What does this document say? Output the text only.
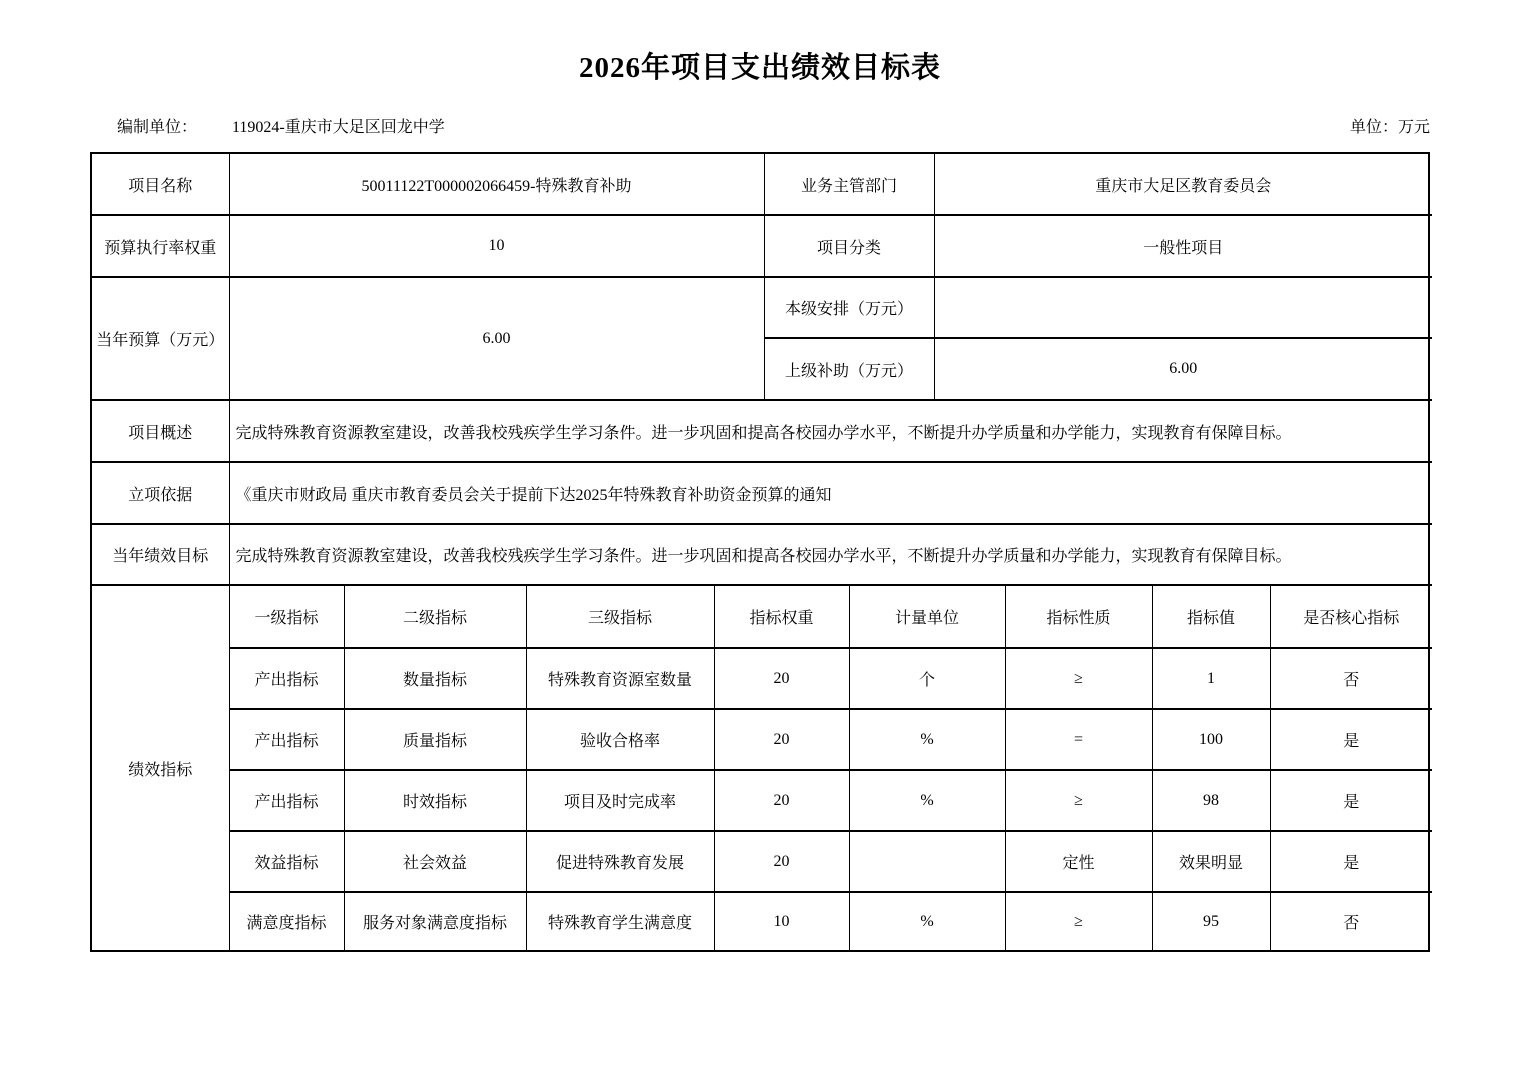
2026年项目支出绩效目标表
编制单位： 119024-重庆市大足区回龙中学	单位：万元
项目名称	50011122T000002066459-特殊教育补助	业务主管部门	重庆市大足区教育委员会
预算执行率权重	10	项目分类	一般性项目
当年预算（万元）	6.00	本级安排（万元）	
		上级补助（万元）	6.00
项目概述	完成特殊教育资源教室建设，改善我校残疾学生学习条件。进一步巩固和提高各校园办学水平，不断提升办学质量和办学能力，实现教育有保障目标。		
立项依据	《重庆市财政局 重庆市教育委员会关于提前下达2025年特殊教育补助资金预算的通知		
当年绩效目标	完成特殊教育资源教室建设，改善我校残疾学生学习条件。进一步巩固和提高各校园办学水平，不断提升办学质量和办学能力，实现教育有保障目标。		
绩效指标	一级指标	二级指标	三级指标	指标权重	计量单位	指标性质	指标值	是否核心指标
	产出指标	数量指标	特殊教育资源室数量	20	个	≥	1	否
	产出指标	质量指标	验收合格率	20	%	=	100	是
	产出指标	时效指标	项目及时完成率	20	%	≥	98	是
	效益指标	社会效益	促进特殊教育发展	20		定性	效果明显	是
	满意度指标	服务对象满意度指标	特殊教育学生满意度	10	%	≥	95	否
